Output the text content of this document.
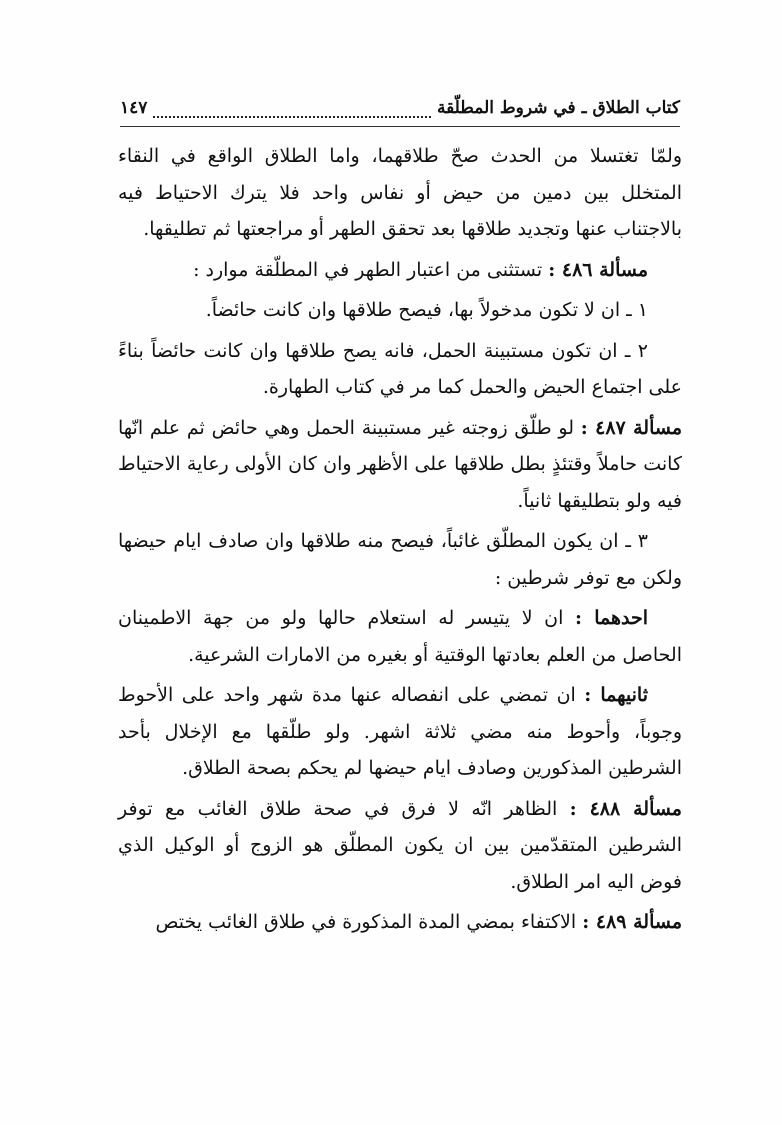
كتاب الطلاق ـ في شروط المطلّقة
١٤٧

ولمّا تغتسلا من الحدث صحّ طلاقهما، واما الطلاق الواقع في النقاء المتخلل بين دمين من حيض أو نفاس واحد فلا يترك الاحتياط فيه بالاجتناب عنها وتجديد طلاقها بعد تحقق الطهر أو مراجعتها ثم تطليقها.

مسألة ٤٨٦ : تستثنى من اعتبار الطهر في المطلّقة موارد :

١ ـ ان لا تكون مدخولاً بها، فيصح طلاقها وان كانت حائضاً.

٢ ـ ان تكون مستبينة الحمل، فانه يصح طلاقها وان كانت حائضاً بناءً على اجتماع الحيض والحمل كما مر في كتاب الطهارة.

مسألة ٤٨٧ : لو طلّق زوجته غير مستبينة الحمل وهي حائض ثم علم انّها كانت حاملاً وقتئذٍ بطل طلاقها على الأظهر وان كان الأولى رعاية الاحتياط فيه ولو بتطليقها ثانياً.

٣ ـ ان يكون المطلّق غائباً، فيصح منه طلاقها وان صادف ايام حيضها ولكن مع توفر شرطين :

احدهما : ان لا يتيسر له استعلام حالها ولو من جهة الاطمينان الحاصل من العلم بعادتها الوقتية أو بغيره من الامارات الشرعية.

ثانيهما : ان تمضي على انفصاله عنها مدة شهر واحد على الأحوط وجوباً، وأحوط منه مضي ثلاثة اشهر. ولو طلّقها مع الإخلال بأحد الشرطين المذكورين وصادف ايام حيضها لم يحكم بصحة الطلاق.

مسألة ٤٨٨ : الظاهر انّه لا فرق في صحة طلاق الغائب مع توفر الشرطين المتقدّمين بين ان يكون المطلّق هو الزوج أو الوكيل الذي فوض اليه امر الطلاق.

مسألة ٤٨٩ : الاكتفاء بمضي المدة المذكورة في طلاق الغائب يختص
